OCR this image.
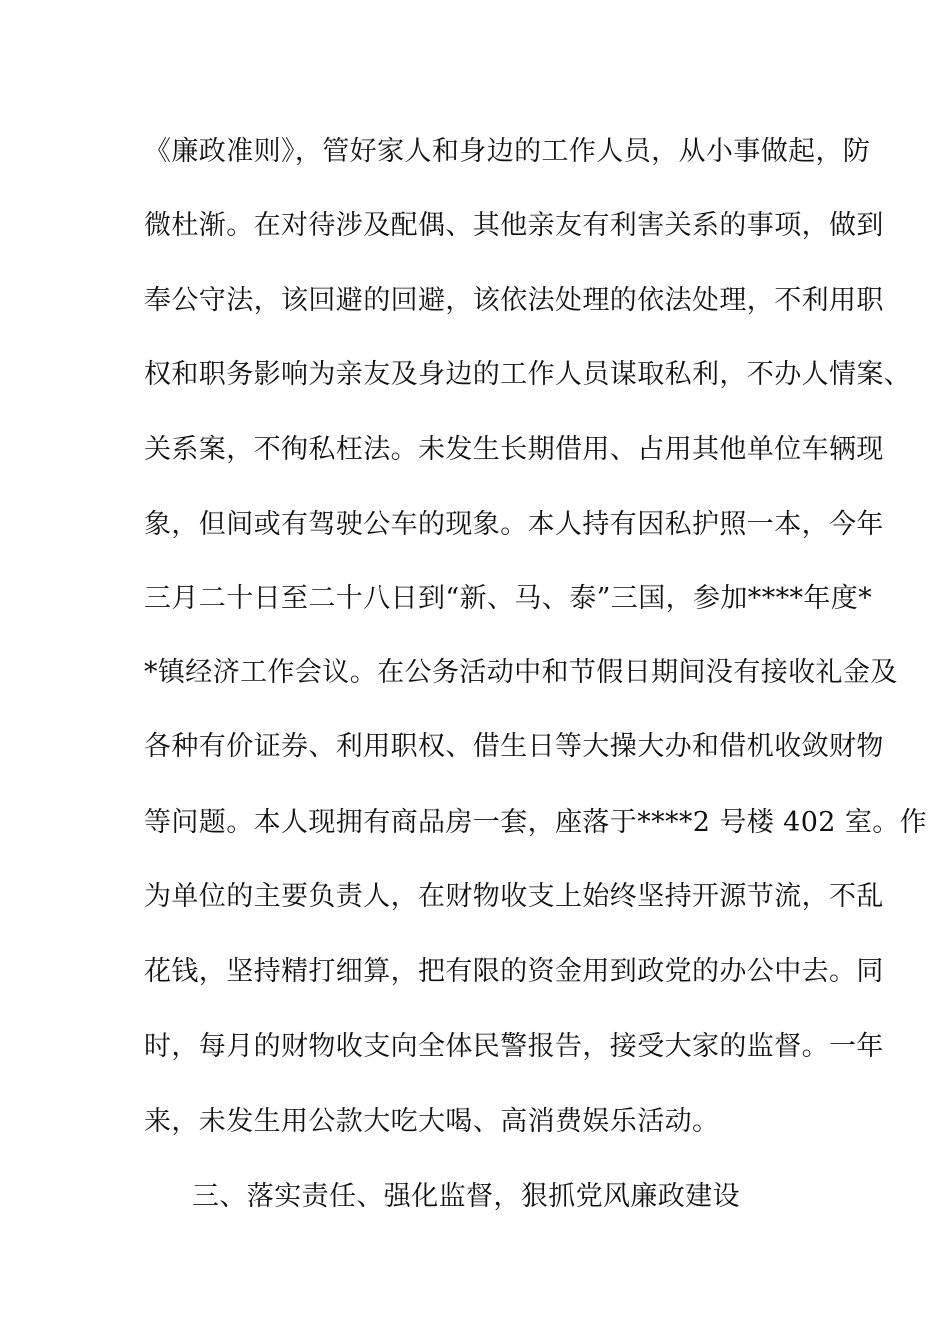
《廉政准则》，管好家人和身边的工作人员，从小事做起，防
微杜渐。在对待涉及配偶、其他亲友有利害关系的事项，做到
奉公守法，该回避的回避，该依法处理的依法处理，不利用职
权和职务影响为亲友及身边的工作人员谋取私利，不办人情案、
关系案，不徇私枉法。未发生长期借用、占用其他单位车辆现
象，但间或有驾驶公车的现象。本人持有因私护照一本，今年
三月二十日至二十八日到“新、马、泰”三国，参加****年度*
*镇经济工作会议。在公务活动中和节假日期间没有接收礼金及
各种有价证券、利用职权、借生日等大操大办和借机收敛财物
等问题。本人现拥有商品房一套，座落于****2 号楼 402 室。作
为单位的主要负责人，在财物收支上始终坚持开源节流，不乱
花钱，坚持精打细算，把有限的资金用到政党的办公中去。同
时，每月的财物收支向全体民警报告，接受大家的监督。一年
来，未发生用公款大吃大喝、高消费娱乐活动。
三、落实责任、强化监督，狠抓党风廉政建设
